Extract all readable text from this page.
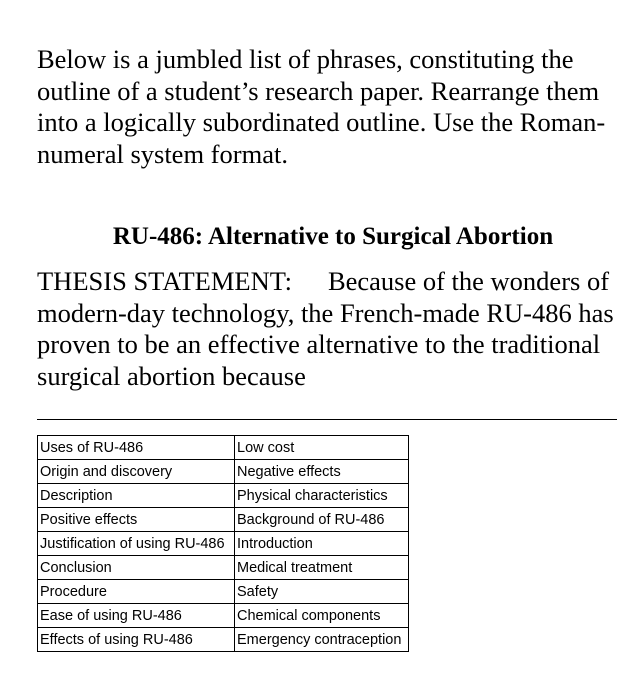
Below is a jumbled list of phrases, constituting the outline of a student’s research paper. Rearrange them into a logically subordinated outline. Use the Roman-numeral system format.
RU-486: Alternative to Surgical Abortion
THESIS STATEMENT: Because of the wonders of modern-day technology, the French-made RU-486 has proven to be an effective alternative to the traditional surgical abortion because
Uses of RU-486	Low cost
Origin and discovery	Negative effects
Description	Physical characteristics
Positive effects	Background of RU-486
Justification of using RU-486	Introduction
Conclusion	Medical treatment
Procedure	Safety
Ease of using RU-486	Chemical components
Effects of using RU-486	Emergency contraception
